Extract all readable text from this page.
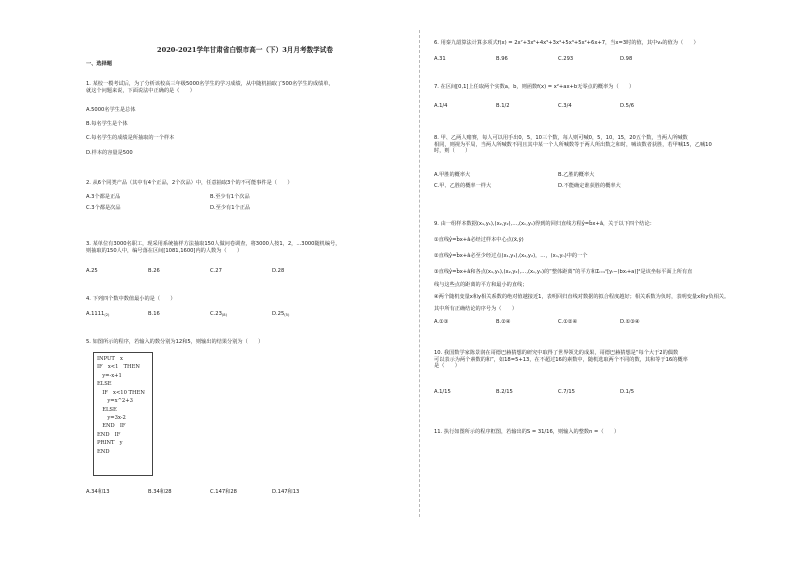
2020-2021学年甘肃省白银市高一（下）3月月考数学试卷
一、选择题

1. 某校一模考试后，为了分析该校高三年级5000名学生的学习成绩，从中随机抽取了500名学生的成绩单，

就这个问题来说，下面说法中正确的是（　　）

A.5000名学生是总体

B.每名学生是个体

C.每名学生的成绩是所抽取的一个样本

D.样本的容量是500

2. 从6个同类产品（其中有4个正品，2个次品）中，任意抽取3个的不可能事件是（　　）

A.3个都是正品	B.至少有1个次品
C.3个都是次品	D.至少有1个正品

3. 某单位有3000名职工，现采用系统抽样方法抽取150人做问卷调查，将3000人按1，2，...3000随机编号，

则抽取的150人中，编号落在区间[1081,1600]内的人数为（　　）

A.25	B.26	C.27	D.28

4. 下列四个数中数值最小的是（　　）

$A.1111_{(2)}$	B.16	$C.23_{(8)}$	$D.25_{(5)}$

5. 如图所示的程序，若输入的数分别为12和5，则输出的结果分别为（　　）

INPUT　x
IF　x<1　THEN
　y=-x+1
ELSE
　IF　x<10 THEN
　　y=x^2+3
　ELSE
　　y=3x-2
　END　IF
END　IF
PRINT　y
END
A.34和13	B.34和28	C.147和28	D.147和13

6. 用秦九韶算法计算多项式f(x) = 2x⁷+3x⁶+4x⁵+3x⁴+5x³+5x²+6x+7，当x=3时的值，其中v₂的值为（　　）

A.31	B.96	C.293	D.98

7. 在区间[0,1]上任取两个实数a，b，则函数f(x) = x²+ax+b无零点的概率为（　　）

A.1/4	B.1/2	C.3/4	D.5/6

8. 甲、乙两人赌赛，每人可以用手出0，5，10三个数，每人则可喊0，5，10，15，20五个数，当两人所喊数

相同，则视为平局，当两人所喊数不同且其中某一个人所喊数等于两人所出数之和时，喊该数者获胜，若甲喊15，乙喊10

时，则（　　）

A.甲胜的概率大	B.乙胜的概率大
C.甲、乙胜的概率一样大	D.不能确定谁获胜的概率大

9. 由一组样本数据(x₁,y₁),(x₂,y₂),…,(xₙ,yₙ)得到的回归直线方程ŷ=b̂x+â，关于以下四个结论：

①直线ŷ=b̂x+â必经过样本中心点(x̄,ȳ)

②直线ŷ=b̂x+â必至少经过点(x₁,y₁),(x₂,y₂)，…，(xₙ,yₙ)中的一个

③直线ŷ=b̂x+â和各点(x₁,y₁),(x₂,y₂),…,(xₙ,yₙ)的“整体距离”的平方和Σᵢ₌₁ⁿ[yᵢ−(bxᵢ+a)]²是该坐标平面上所有直

线与这些点的距离的平方和最小的直线；

④两个随机变量x和y相关系数的绝对值越接近1，表明回归直线对数据的拟合程度越好；相关系数为负时，表明变量x和y负相关。

其中所有正确结论的序号为（　　）

A.①③	B.②④	C.①②④	D.①③④

10. 我国数学家陈景润在哥德巴赫猜想的研究中取得了世界领先的成果，哥德巴赫猜想是“每个大于2的偶数

可以表示为两个素数的和”，如18=5+13，在不超过16的素数中，随机选取两个不同的数，其和等于16的概率

是（　　）

A.1/15	B.2/15	C.7/15	D.1/5

11. 执行如图所示的程序框图，若输出的S = 31/16，则输入的整数n =（　　）
